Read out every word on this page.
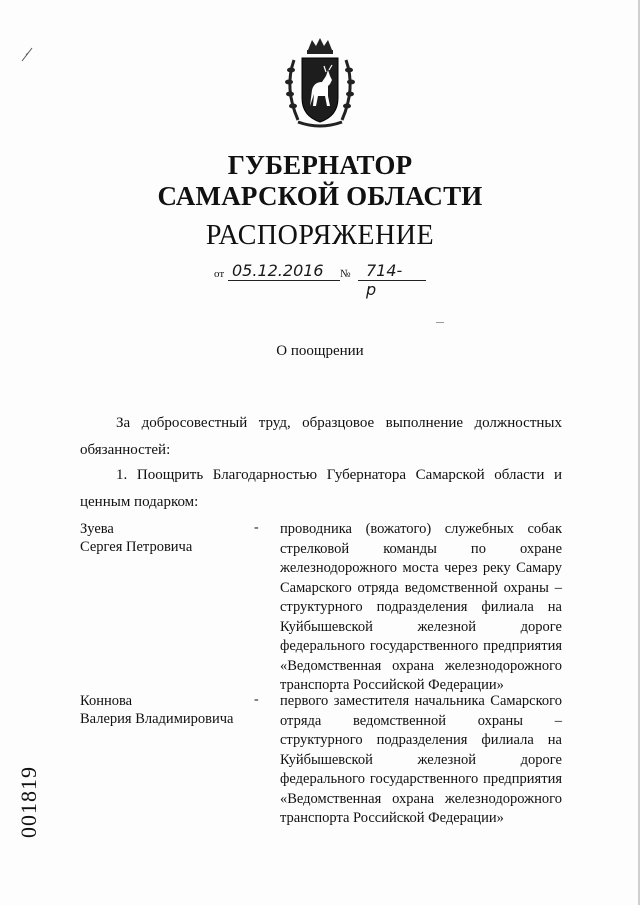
ГУБЕРНАТОР
САМАРСКОЙ ОБЛАСТИ
РАСПОРЯЖЕНИЕ
от 05.12.2016 № 714-р
О поощрении
За добросовестный труд, образцовое выполнение должностных обязанностей:
1. Поощрить Благодарностью Губернатора Самарской области и ценным подарком:
Зуева
Сергея Петровича
- проводника (вожатого) служебных собак стрелковой команды по охране железнодорожного моста через реку Самару Самарского отряда ведомственной охраны – структурного подразделения филиала на Куйбышевской железной дороге федерального государственного предприятия «Ведомственная охрана железнодорожного транспорта Российской Федерации»
Коннова
Валерия Владимировича
- первого заместителя начальника Самарского отряда ведомственной охраны – структурного подразделения филиала на Куйбышевской железной дороге федерального государственного предприятия «Ведомственная охрана железнодорожного транспорта Российской Федерации»
001819
